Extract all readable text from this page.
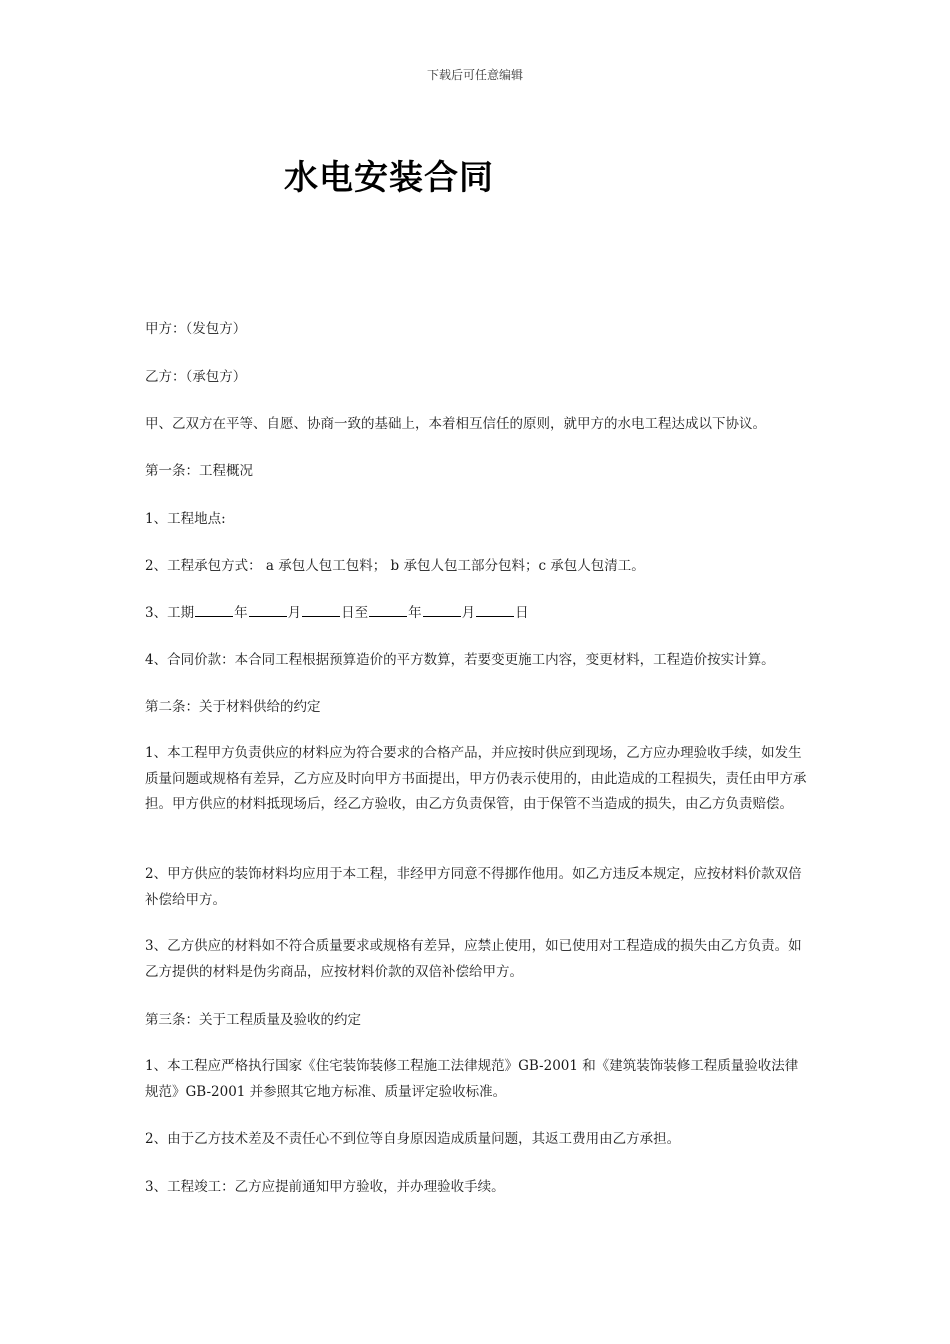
下载后可任意编辑
水电安装合同
甲方：（发包方）
乙方：（承包方）
甲、乙双方在平等、自愿、协商一致的基础上，本着相互信任的原则，就甲方的水电工程达成以下协议。
第一条：工程概况
1、工程地点:
2、工程承包方式： a 承包人包工包料； b 承包人包工部分包料；c 承包人包清工。
3、工期	年	月	日至	年	月	日
4、合同价款：本合同工程根据预算造价的平方数算，若要变更施工内容，变更材料，工程造价按实计算。
第二条：关于材料供给的约定
1、本工程甲方负责供应的材料应为符合要求的合格产品，并应按时供应到现场，乙方应办理验收手续，如发生质量问题或规格有差异，乙方应及时向甲方书面提出，甲方仍表示使用的，由此造成的工程损失，责任由甲方承担。甲方供应的材料抵现场后，经乙方验收，由乙方负责保管，由于保管不当造成的损失，由乙方负责赔偿。
2、甲方供应的装饰材料均应用于本工程，非经甲方同意不得挪作他用。如乙方违反本规定，应按材料价款双倍补偿给甲方。
3、乙方供应的材料如不符合质量要求或规格有差异，应禁止使用，如已使用对工程造成的损失由乙方负责。如乙方提供的材料是伪劣商品，应按材料价款的双倍补偿给甲方。
第三条：关于工程质量及验收的约定
1、本工程应严格执行国家《住宅装饰装修工程施工法律规范》GB-2001 和《建筑装饰装修工程质量验收法律规范》GB-2001 并参照其它地方标准、质量评定验收标准。
2、由于乙方技术差及不责任心不到位等自身原因造成质量问题，其返工费用由乙方承担。
3、工程竣工：乙方应提前通知甲方验收，并办理验收手续。
